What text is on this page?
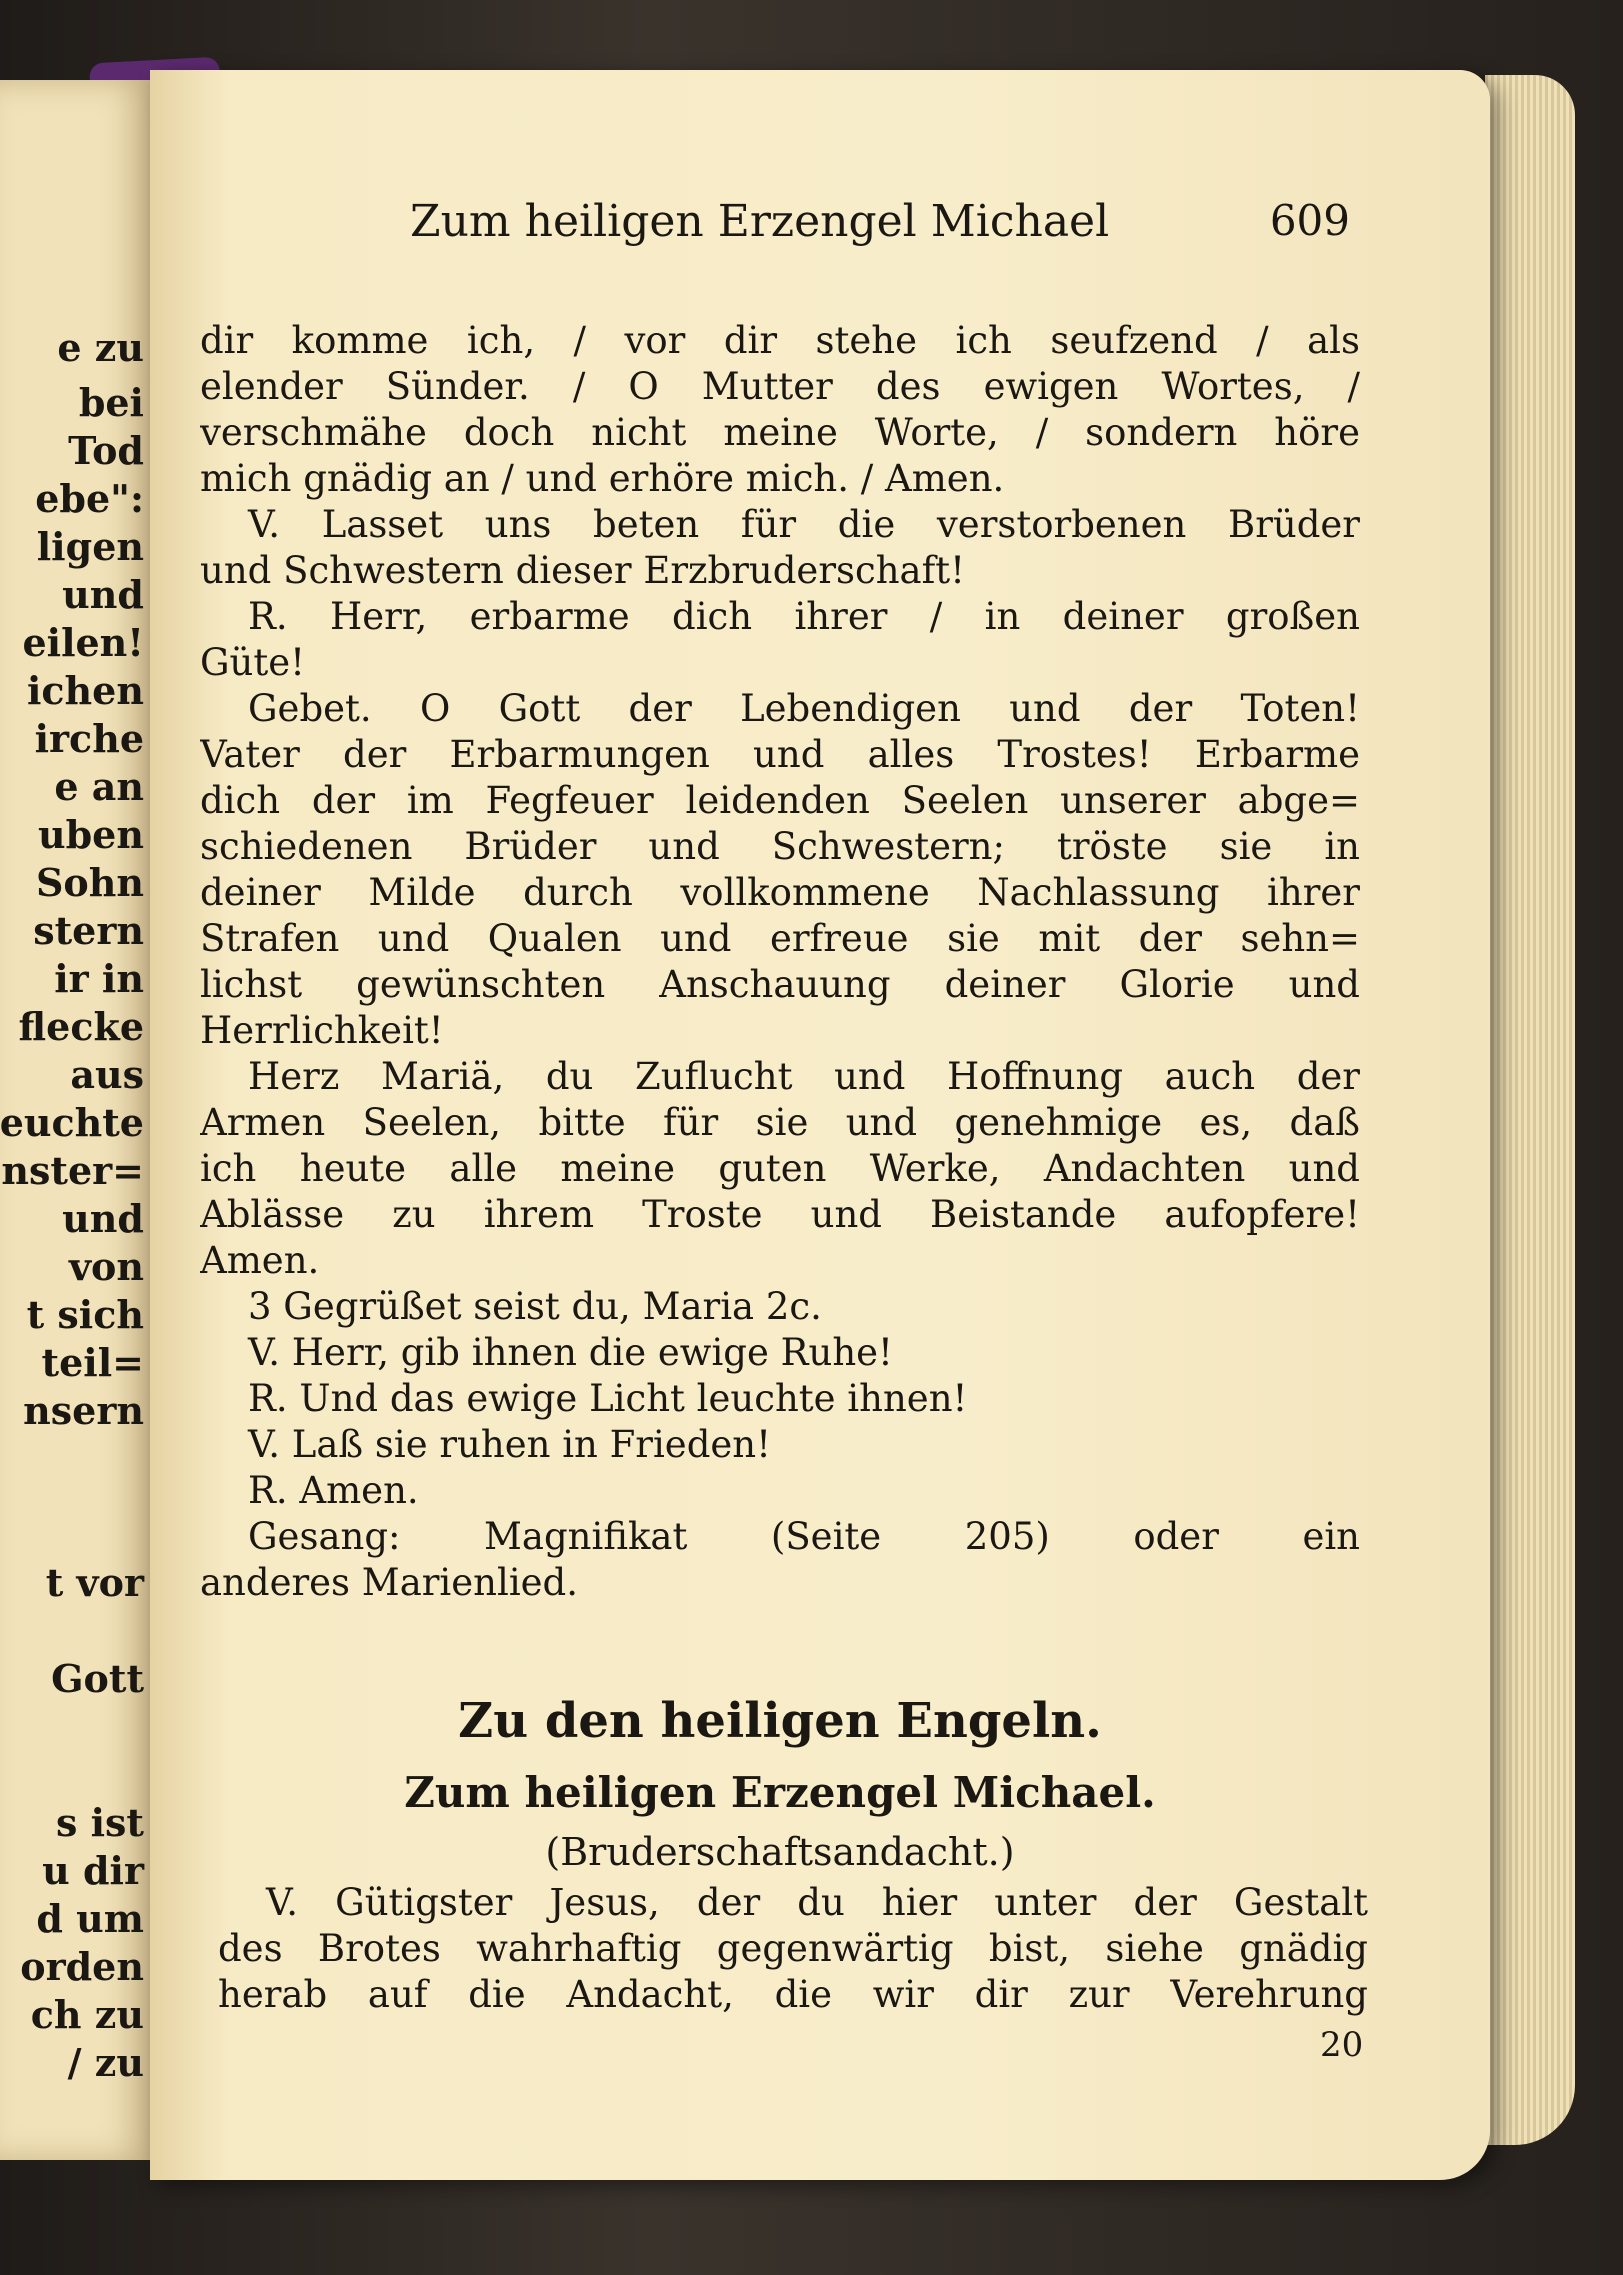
e zu
bei
Tod
ebe":
ligen
und
eilen!
ichen
irche
e an
uben
Sohn
stern
ir in
flecke
aus
euchte
nster=
und
von
t sich
teil=
nsern
t vor
Gott
s ist
u dir
d um
orden
ch zu
/ zu
Zum heiligen Erzengel Michael	609
dir komme ich, / vor dir stehe ich seufzend / als
elender Sünder. / O Mutter des ewigen Wortes, /
verschmähe doch nicht meine Worte, / sondern höre
mich gnädig an / und erhöre mich. / Amen.
V. Lasset uns beten für die verstorbenen Brüder
und Schwestern dieser Erzbruderschaft!
R. Herr, erbarme dich ihrer / in deiner großen
Güte!
Gebet. O Gott der Lebendigen und der Toten!
Vater der Erbarmungen und alles Trostes! Erbarme
dich der im Fegfeuer leidenden Seelen unserer abge=
schiedenen Brüder und Schwestern; tröste sie in
deiner Milde durch vollkommene Nachlassung ihrer
Strafen und Qualen und erfreue sie mit der sehn=
lichst gewünschten Anschauung deiner Glorie und
Herrlichkeit!
Herz Mariä, du Zuflucht und Hoffnung auch der
Armen Seelen, bitte für sie und genehmige es, daß
ich heute alle meine guten Werke, Andachten und
Ablässe zu ihrem Troste und Beistande aufopfere!
Amen.
3 Gegrüßet seist du, Maria 2c.
V. Herr, gib ihnen die ewige Ruhe!
R. Und das ewige Licht leuchte ihnen!
V. Laß sie ruhen in Frieden!
R. Amen.
Gesang: Magnifikat (Seite 205) oder ein
anderes Marienlied.
Zu den heiligen Engeln.
Zum heiligen Erzengel Michael.
(Bruderschaftsandacht.)
V. Gütigster Jesus, der du hier unter der Gestalt
des Brotes wahrhaftig gegenwärtig bist, siehe gnädig
herab auf die Andacht, die wir dir zur Verehrung
20
